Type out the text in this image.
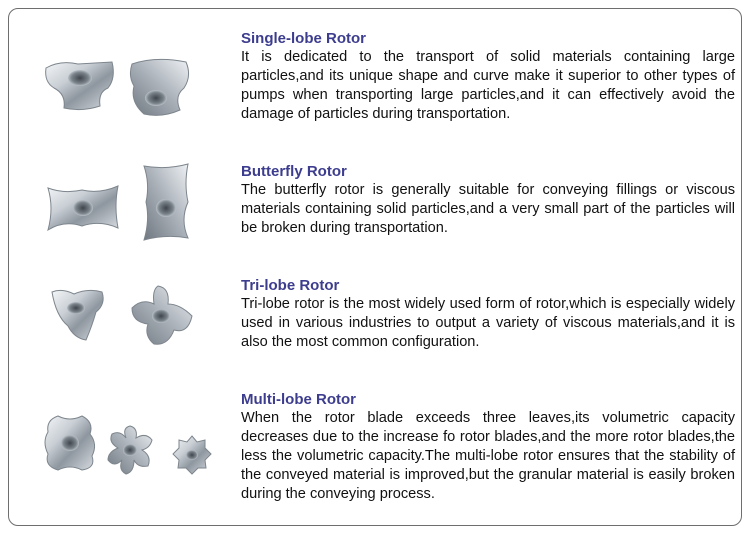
Single-lobe Rotor
It is dedicated to the transport of solid materials containing large particles,and its unique shape and curve make it superior to other types of pumps when transporting large particles,and it can effectively avoid the damage of particles during transportation.
Butterfly Rotor
The butterfly rotor is generally suitable for conveying fillings or viscous materials containing solid particles,and a very small part of the particles will be broken during transportation.
Tri-lobe Rotor
Tri-lobe rotor is the most widely used form of rotor,which is especially widely used in various industries to output a variety of viscous materials,and it is also the most common configuration.
Multi-lobe Rotor
When the rotor blade exceeds three leaves,its volumetric capacity decreases due to the increase fo rotor blades,and the more rotor blades,the less the volumetric capacity.The multi-lobe rotor ensures that the stability of the conveyed material is improved,but the granular material is easily broken during the conveying process.
